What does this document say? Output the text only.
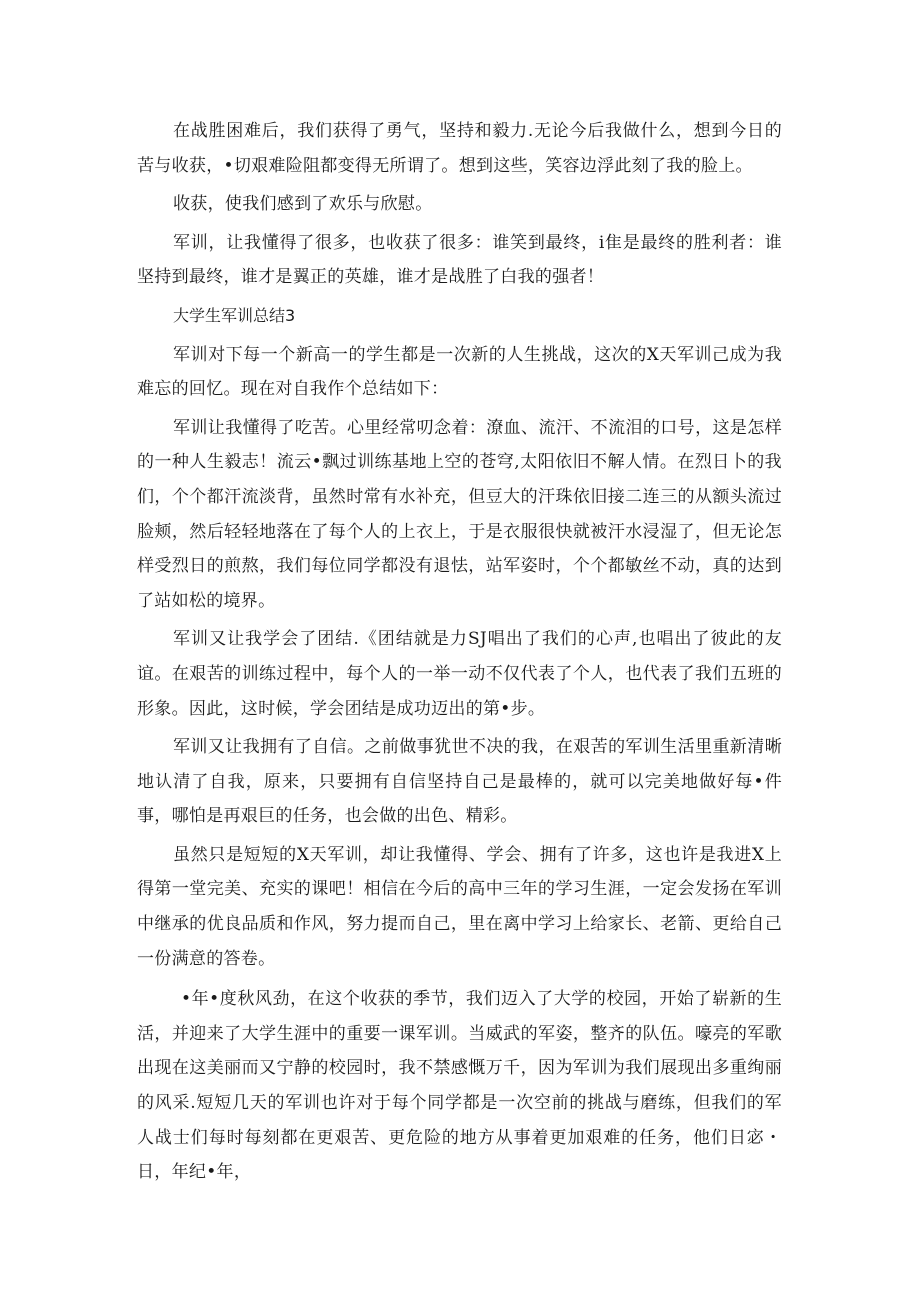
在战胜困难后，我们获得了勇气，坚持和毅力.无论今后我做什么，想到今日的苦与收获，•切艰难险阻都变得无所谓了。想到这些，笑容边浮此刻了我的脸上。

收获，使我们感到了欢乐与欣慰。

军训，让我懂得了很多，也收获了很多：谁笑到最终，i隹是最终的胜利者：谁坚持到最终，谁才是翼正的英雄，谁才是战胜了白我的强者！

大学生军训总结3

军训对下每一个新高一的学生都是一次新的人生挑战，这次的X天军训己成为我难忘的回忆。现在对自我作个总结如下：

军训让我懂得了吃苦。心里经常叨念着：潦血、流汗、不流泪的口号，这是怎样的一种人生毅志！流云•飘过训练基地上空的苍穹,太阳依旧不解人情。在烈日卜的我们，个个都汗流淡背，虽然时常有水补充，但豆大的汗珠依旧接二连三的从额头流过脸颊，然后轻轻地落在了每个人的上衣上，于是衣服很快就被汗水浸湿了，但无论怎样受烈日的煎熬，我们每位同学都没有退怯，站军姿时，个个都敏丝不动，真的达到了站如松的境界。

军训又让我学会了团结.《团结就是力SJ唱出了我们的心声,也唱出了彼此的友谊。在艰苦的训练过程中，每个人的一举一动不仅代表了个人，也代表了我们五班的形象。因此，这时候，学会团结是成功迈出的第•步。

军训又让我拥有了自信。之前做事犹世不决的我，在艰苦的军训生活里重新清晰地认清了自我，原来，只要拥有自信坚持自己是最棒的，就可以完美地做好每•件事，哪怕是再艰巨的任务，也会做的出色、精彩。

虽然只是短短的X天军训，却让我懂得、学会、拥有了许多，这也许是我进X上得第一堂完美、充实的课吧！相信在今后的高中三年的学习生涯，一定会发扬在军训中继承的优良品质和作风，努力提而自己，里在离中学习上给家长、老箭、更给自己一份满意的答卷。

•年•度秋风劲，在这个收获的季节，我们迈入了大学的校园，开始了崭新的生活，并迎来了大学生涯中的重要一课军训。当威武的军姿，整齐的队伍。嚎亮的军歌出现在这美丽而又宁静的校园时，我不禁感慨万千，因为军训为我们展现出多重绚丽的风采.短短几天的军训也许对于每个同学都是一次空前的挑战与磨练，但我们的军人战士们每时每刻都在更艰苦、更危险的地方从事着更加艰难的任务，他们日宓・日，年纪•年，
